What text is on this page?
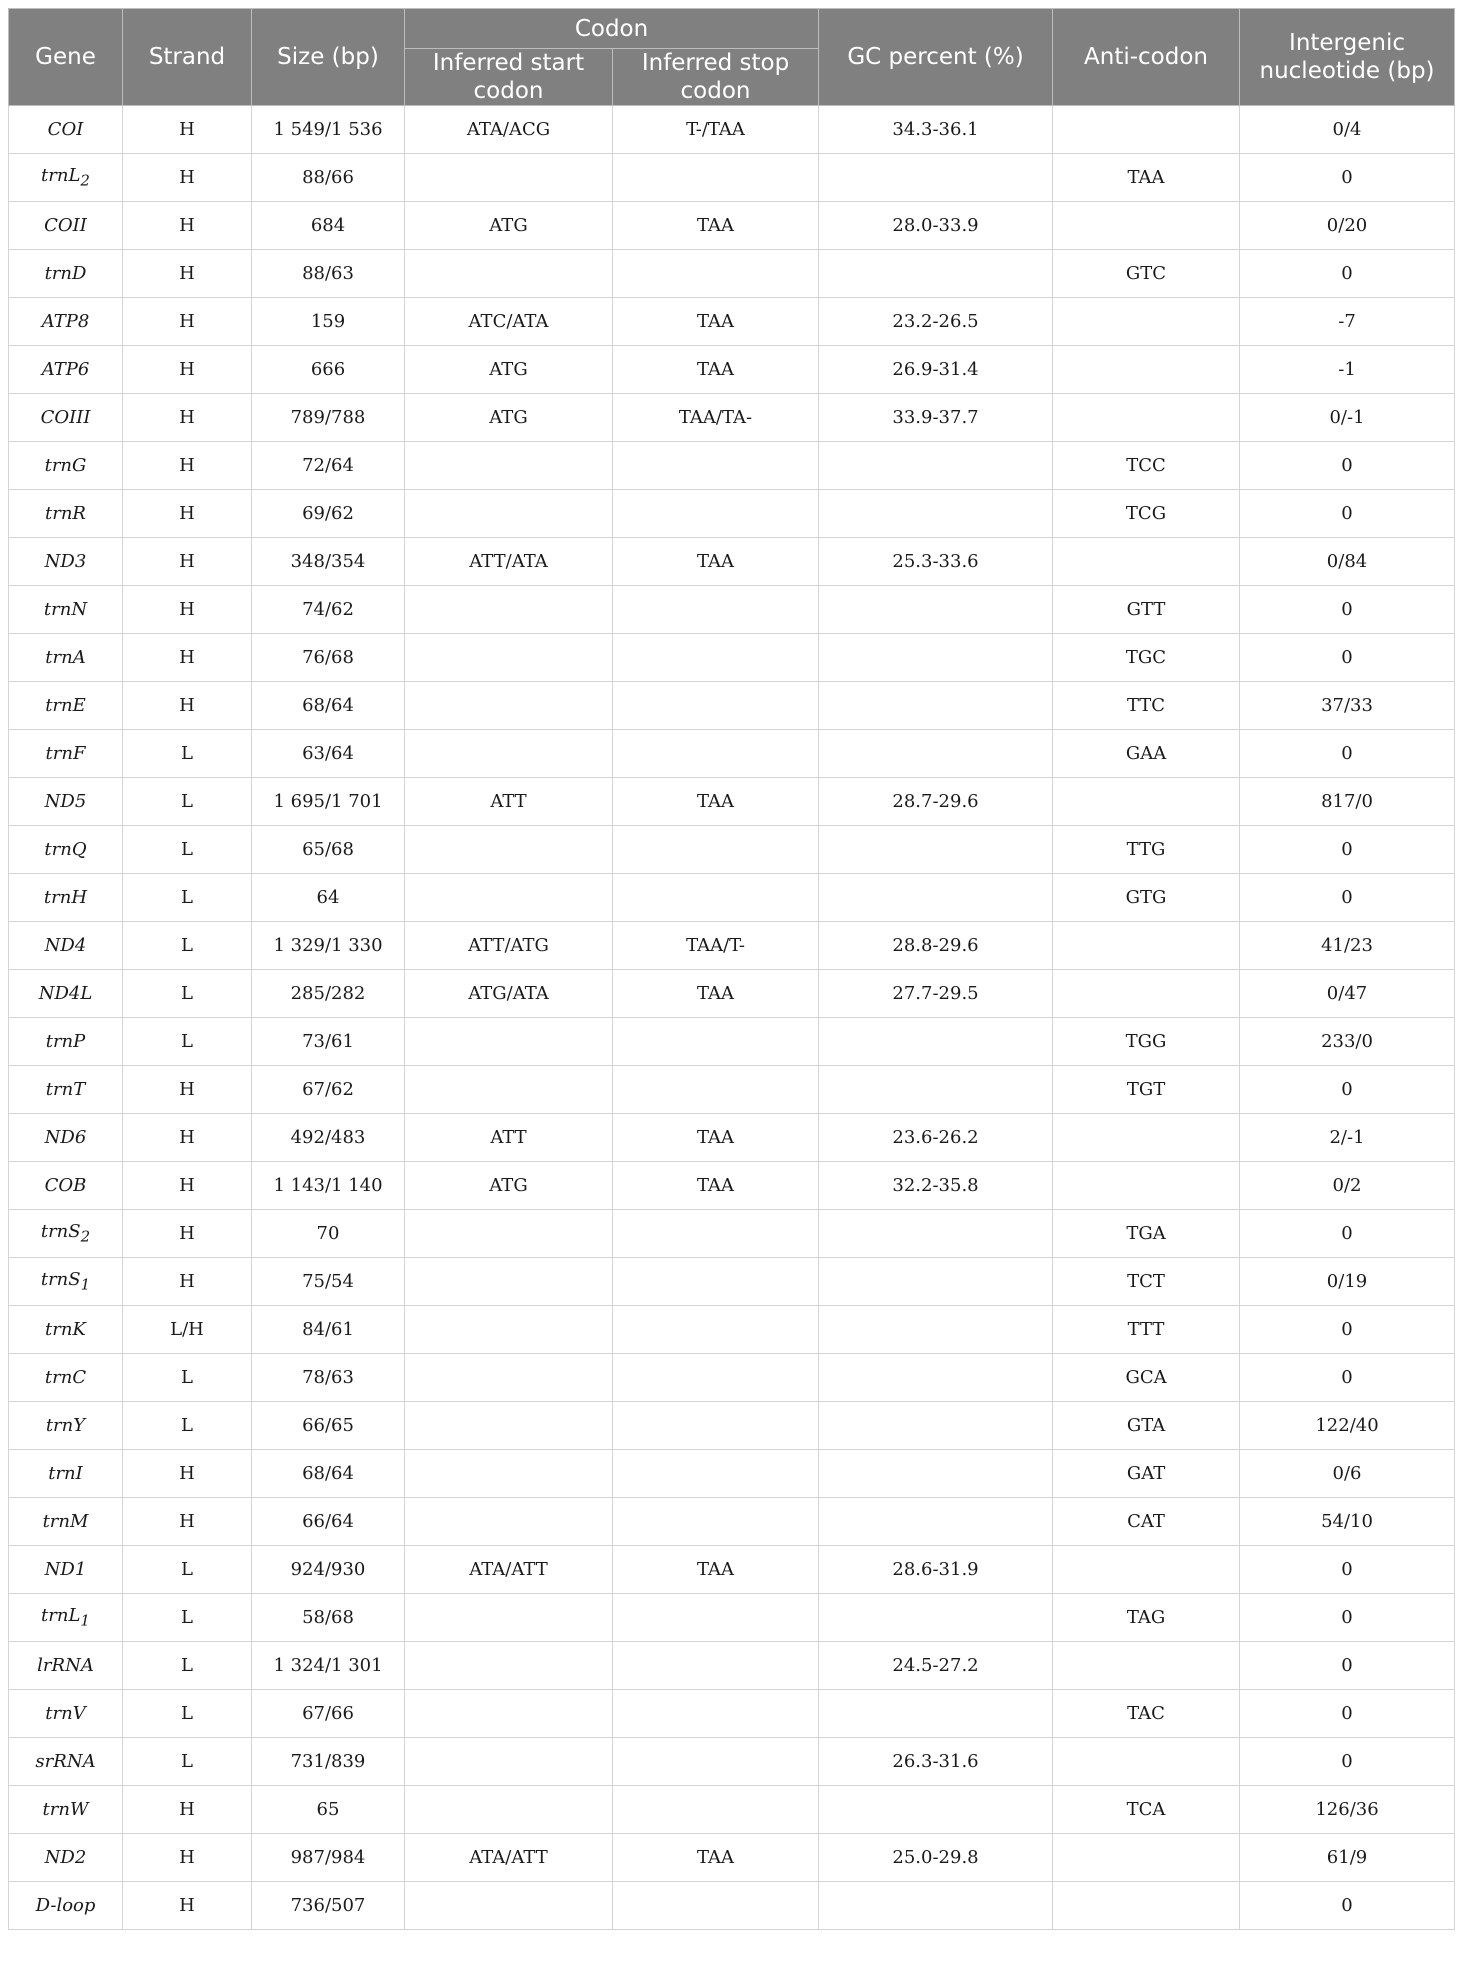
Gene	Strand	Size (bp)	Codon		GC percent (%)	Anti-codon	Intergenic nucleotide (bp)
			Inferred start codon	Inferred stop codon			
COI	H	1 549/1 536	ATA/ACG	T-/TAA	34.3-36.1		0/4
trnL$_2$	H	88/66				TAA	0
COII	H	684	ATG	TAA	28.0-33.9		0/20
trnD	H	88/63				GTC	0
ATP8	H	159	ATC/ATA	TAA	23.2-26.5		-7
ATP6	H	666	ATG	TAA	26.9-31.4		-1
COIII	H	789/788	ATG	TAA/TA-	33.9-37.7		0/-1
trnG	H	72/64				TCC	0
trnR	H	69/62				TCG	0
ND3	H	348/354	ATT/ATA	TAA	25.3-33.6		0/84
trnN	H	74/62				GTT	0
trnA	H	76/68				TGC	0
trnE	H	68/64				TTC	37/33
trnF	L	63/64				GAA	0
ND5	L	1 695/1 701	ATT	TAA	28.7-29.6		817/0
trnQ	L	65/68				TTG	0
trnH	L	64				GTG	0
ND4	L	1 329/1 330	ATT/ATG	TAA/T-	28.8-29.6		41/23
ND4L	L	285/282	ATG/ATA	TAA	27.7-29.5		0/47
trnP	L	73/61				TGG	233/0
trnT	H	67/62				TGT	0
ND6	H	492/483	ATT	TAA	23.6-26.2		2/-1
COB	H	1 143/1 140	ATG	TAA	32.2-35.8		0/2
trnS$_2$	H	70				TGA	0
trnS$_1$	H	75/54				TCT	0/19
trnK	L/H	84/61				TTT	0
trnC	L	78/63				GCA	0
trnY	L	66/65				GTA	122/40
trnI	H	68/64				GAT	0/6
trnM	H	66/64				CAT	54/10
ND1	L	924/930	ATA/ATT	TAA	28.6-31.9		0
trnL$_1$	L	58/68				TAG	0
lrRNA	L	1 324/1 301			24.5-27.2		0
trnV	L	67/66				TAC	0
srRNA	L	731/839			26.3-31.6		0
trnW	H	65				TCA	126/36
ND2	H	987/984	ATA/ATT	TAA	25.0-29.8		61/9
D-loop	H	736/507					0
